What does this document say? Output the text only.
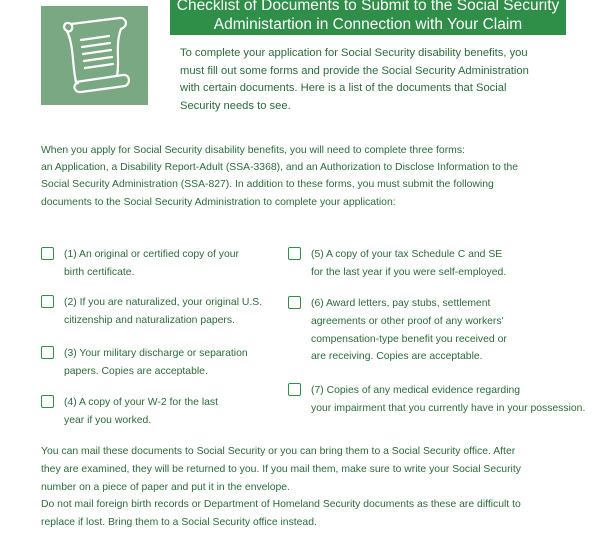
Checklist of Documents to Submit to the Social Security
Administartion in Connection with Your Claim
To complete your application for Social Security disability benefits, you
must fill out some forms and provide the Social Security Administration
with certain documents. Here is a list of the documents that Social
Security needs to see.
When you apply for Social Security disability benefits, you will need to complete three forms:
an Application, a Disability Report-Adult (SSA-3368), and an Authorization to Disclose Information to the
Social Security Administration (SSA-827). In addition to these forms, you must submit the following
documents to the Social Security Administration to complete your application:
(1) An original or certified copy of your
birth certificate.
(2) If you are naturalized, your original U.S.
citizenship and naturalization papers.
(3) Your military discharge or separation
papers. Copies are acceptable.
(4) A copy of your W-2 for the last
year if you worked.
(5) A copy of your tax Schedule C and SE
for the last year if you were self-employed.
(6) Award letters, pay stubs, settlement
agreements or other proof of any workers'
compensation-type benefit you received or
are receiving. Copies are acceptable.
(7) Copies of any medical evidence regarding
your impairment that you currently have in your possession.
You can mail these documents to Social Security or you can bring them to a Social Security office. After
they are examined, they will be returned to you. If you mail them, make sure to write your Social Security
number on a piece of paper and put it in the envelope.
Do not mail foreign birth records or Department of Homeland Security documents as these are difficult to
replace if lost. Bring them to a Social Security office instead.
